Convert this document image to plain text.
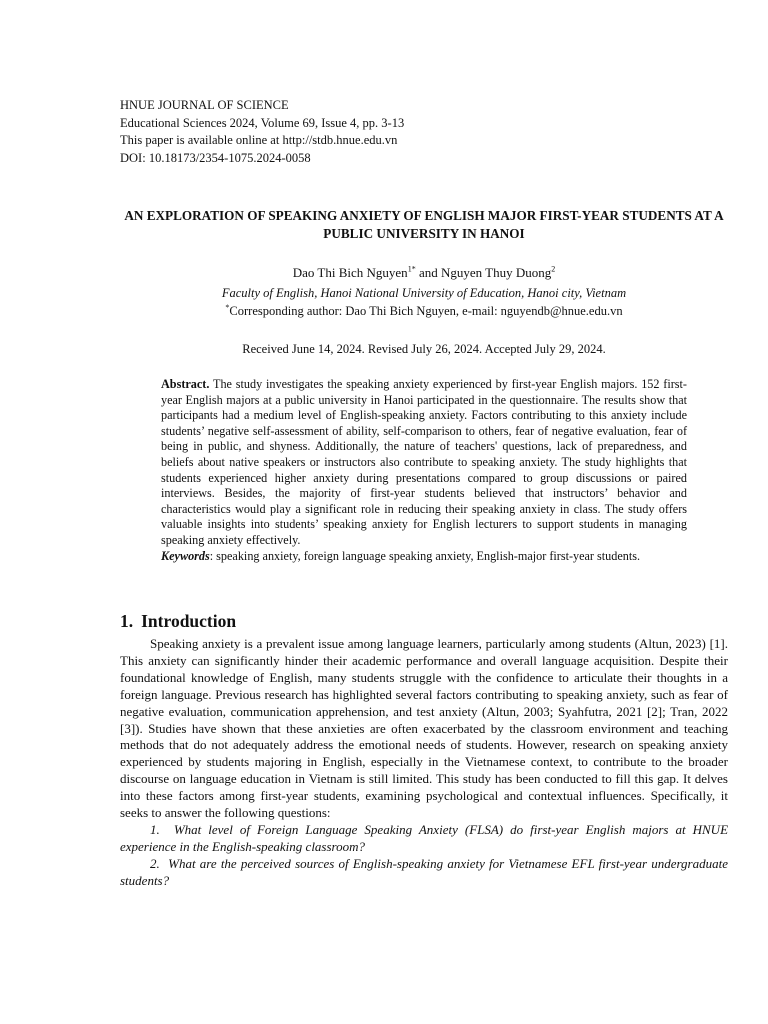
HNUE JOURNAL OF SCIENCE
Educational Sciences 2024, Volume 69, Issue 4, pp. 3-13
This paper is available online at http://stdb.hnue.edu.vn
DOI: 10.18173/2354-1075.2024-0058
AN EXPLORATION OF SPEAKING ANXIETY OF ENGLISH MAJOR FIRST-YEAR STUDENTS AT A PUBLIC UNIVERSITY IN HANOI
Dao Thi Bich Nguyen$^{1*}$ and Nguyen Thuy Duong$^2$
Faculty of English, Hanoi National University of Education, Hanoi city, Vietnam
*Corresponding author: Dao Thi Bich Nguyen, e-mail: nguyendb@hnue.edu.vn
Received June 14, 2024. Revised July 26, 2024. Accepted July 29, 2024.

Abstract. The study investigates the speaking anxiety experienced by first-year English majors. 152 first-year English majors at a public university in Hanoi participated in the questionnaire. The results show that participants had a medium level of English-speaking anxiety. Factors contributing to this anxiety include students’ negative self-assessment of ability, self-comparison to others, fear of negative evaluation, fear of being in public, and shyness. Additionally, the nature of teachers' questions, lack of preparedness, and beliefs about native speakers or instructors also contribute to speaking anxiety. The study highlights that students experienced higher anxiety during presentations compared to group discussions or paired interviews. Besides, the majority of first-year students believed that instructors’ behavior and characteristics would play a significant role in reducing their speaking anxiety in class. The study offers valuable insights into students’ speaking anxiety for English lecturers to support students in managing speaking anxiety effectively.

Keywords: speaking anxiety, foreign language speaking anxiety, English-major first-year students.

1. Introduction

Speaking anxiety is a prevalent issue among language learners, particularly among students (Altun, 2023) [1]. This anxiety can significantly hinder their academic performance and overall language acquisition. Despite their foundational knowledge of English, many students struggle with the confidence to articulate their thoughts in a foreign language. Previous research has highlighted several factors contributing to speaking anxiety, such as fear of negative evaluation, communication apprehension, and test anxiety (Altun, 2003; Syahfutra, 2021 [2]; Tran, 2022 [3]). Studies have shown that these anxieties are often exacerbated by the classroom environment and teaching methods that do not adequately address the emotional needs of students. However, research on speaking anxiety experienced by students majoring in English, especially in the Vietnamese context, to contribute to the broader discourse on language education in Vietnam is still limited. This study has been conducted to fill this gap. It delves into these factors among first-year students, examining psychological and contextual influences. Specifically, it seeks to answer the following questions:

1. What level of Foreign Language Speaking Anxiety (FLSA) do first-year English majors at HNUE experience in the English-speaking classroom?

2. What are the perceived sources of English-speaking anxiety for Vietnamese EFL first-year undergraduate students?
